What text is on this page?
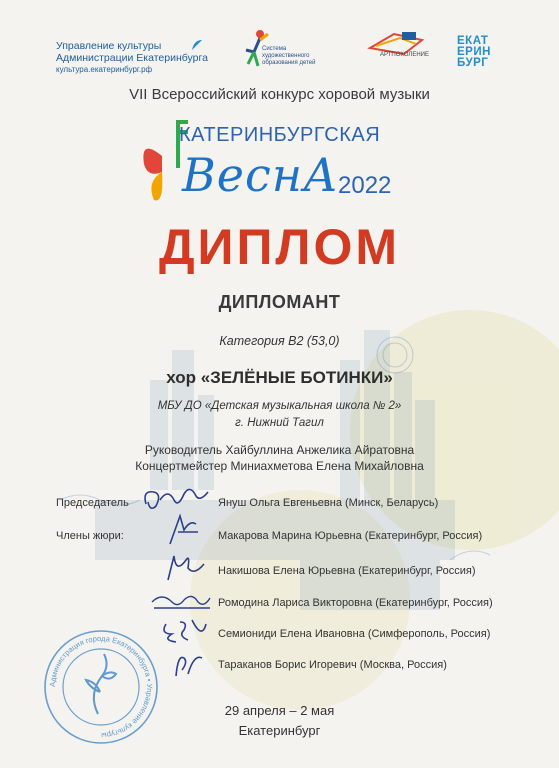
Управление культуры
Администрации Екатеринбурга
культура.екатеринбург.рф
Система
художественного
образования детей
АРТПОКОЛЕНИЕ
ЕКАТ
ЕРИН
БУРГ
VII Всероссийский конкурс хоровой музыки
КАТЕРИНБУРГСКАЯ
ВеснА 2022
ДИПЛОМ
ДИПЛОМАНТ
Категория В2 (53,0)
хор «ЗЕЛЁНЫЕ БОТИНКИ»
МБУ ДО «Детская музыкальная школа № 2»
г. Нижний Тагил
Руководитель Хайбуллина Анжелика Айратовна
Концертмейстер Миниахметова Елена Михайловна
Председатель
Члены жюри:
Януш Ольга Евгеньевна (Минск, Беларусь)
Макарова Марина Юрьевна (Екатеринбург, Россия)
Накишова Елена Юрьевна (Екатеринбург, Россия)
Ромодина Лариса Викторовна (Екатеринбург, Россия)
Семиониди Елена Ивановна (Симферополь, Россия)
Тараканов Борис Игоревич (Москва, Россия)
Администрация города Екатеринбурга • Управление культуры
29 апреля – 2 мая
Екатеринбург
